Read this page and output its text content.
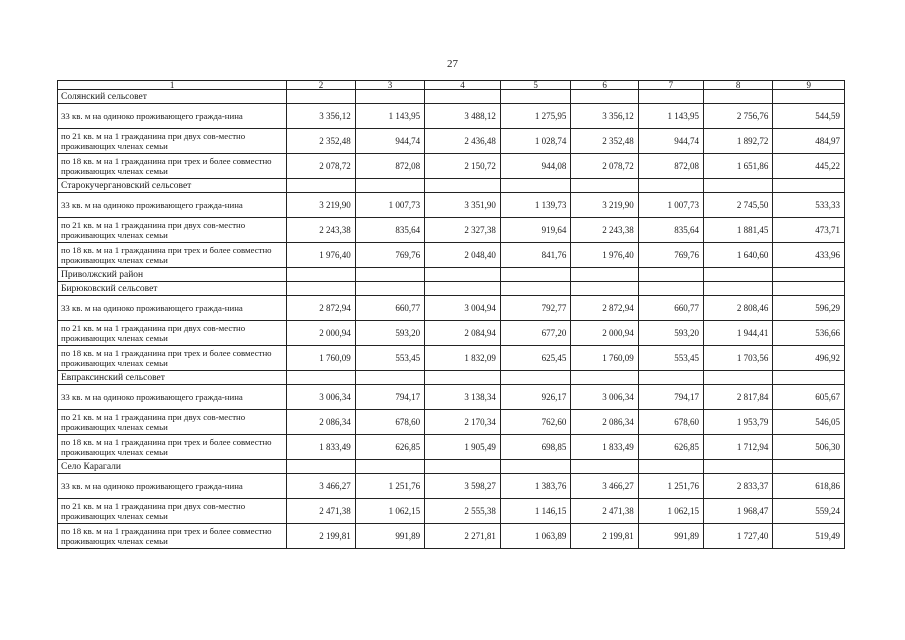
27
1	2	3	4	5	6	7	8	9
Солянский сельсовет								
33 кв. м на одиноко проживающего гражда-нина	3 356,12	1 143,95	3 488,12	1 275,95	3 356,12	1 143,95	2 756,76	544,59
по 21 кв. м на 1 гражданина при двух сов-местно проживающих членах семьи	2 352,48	944,74	2 436,48	1 028,74	2 352,48	944,74	1 892,72	484,97
по 18 кв. м на 1 гражданина при трех и более совместно проживающих членах семьи	2 078,72	872,08	2 150,72	944,08	2 078,72	872,08	1 651,86	445,22
Старокучергановский сельсовет								
33 кв. м на одиноко проживающего гражда-нина	3 219,90	1 007,73	3 351,90	1 139,73	3 219,90	1 007,73	2 745,50	533,33
по 21 кв. м на 1 гражданина при двух сов-местно проживающих членах семьи	2 243,38	835,64	2 327,38	919,64	2 243,38	835,64	1 881,45	473,71
по 18 кв. м на 1 гражданина при трех и более совместно проживающих членах семьи	1 976,40	769,76	2 048,40	841,76	1 976,40	769,76	1 640,60	433,96
Приволжский район								
Бирюковский сельсовет								
33 кв. м на одиноко проживающего гражда-нина	2 872,94	660,77	3 004,94	792,77	2 872,94	660,77	2 808,46	596,29
по 21 кв. м на 1 гражданина при двух сов-местно проживающих членах семьи	2 000,94	593,20	2 084,94	677,20	2 000,94	593,20	1 944,41	536,66
по 18 кв. м на 1 гражданина при трех и более совместно проживающих членах семьи	1 760,09	553,45	1 832,09	625,45	1 760,09	553,45	1 703,56	496,92
Евпраксинский сельсовет								
33 кв. м на одиноко проживающего гражда-нина	3 006,34	794,17	3 138,34	926,17	3 006,34	794,17	2 817,84	605,67
по 21 кв. м на 1 гражданина при двух сов-местно проживающих членах семьи	2 086,34	678,60	2 170,34	762,60	2 086,34	678,60	1 953,79	546,05
по 18 кв. м на 1 гражданина при трех и более совместно проживающих членах семьи	1 833,49	626,85	1 905,49	698,85	1 833,49	626,85	1 712,94	506,30
Село Карагали								
33 кв. м на одиноко проживающего гражда-нина	3 466,27	1 251,76	3 598,27	1 383,76	3 466,27	1 251,76	2 833,37	618,86
по 21 кв. м на 1 гражданина при двух сов-местно проживающих членах семьи	2 471,38	1 062,15	2 555,38	1 146,15	2 471,38	1 062,15	1 968,47	559,24
по 18 кв. м на 1 гражданина при трех и более совместно проживающих членах семьи	2 199,81	991,89	2 271,81	1 063,89	2 199,81	991,89	1 727,40	519,49
